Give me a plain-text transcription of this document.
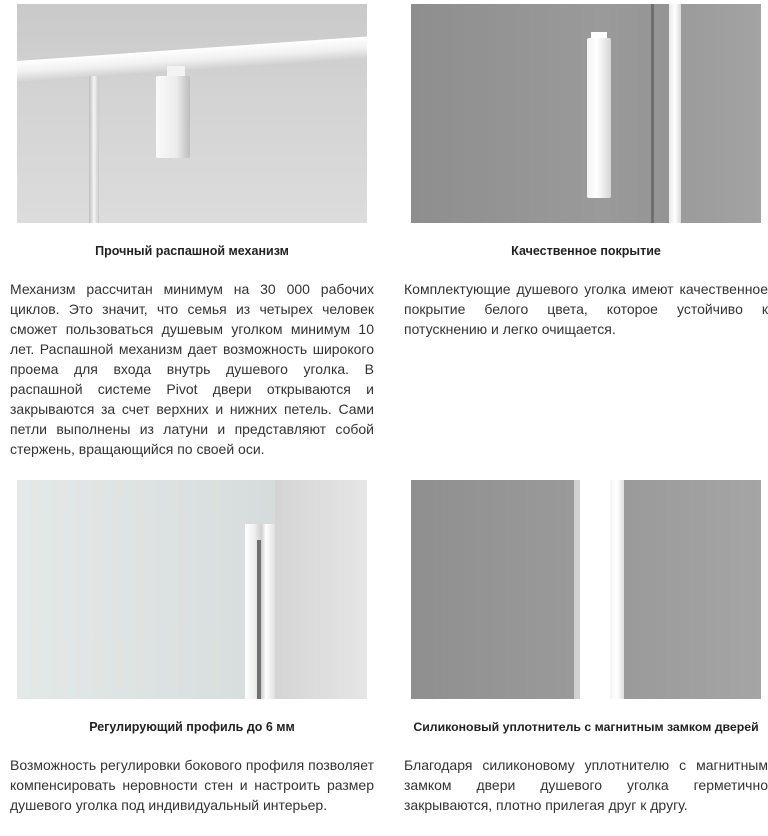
Прочный распашной механизм
Механизм рассчитан минимум на 30 000 рабочих циклов. Это значит, что семья из четырех человек сможет пользоваться душевым уголком минимум 10 лет. Распашной механизм дает возможность широкого проема для входа внутрь душевого уголка. В распашной системе Pivot двери открываются и закрываются за счет верхних и нижних петель. Сами петли выполнены из латуни и представляют собой стержень, вращающийся по своей оси.
Качественное покрытие
Комплектующие душевого уголка имеют качественное покрытие белого цвета, которое устойчиво к потускнению и легко очищается.
Регулирующий профиль до 6 мм
Возможность регулировки бокового профиля позволяет компенсировать неровности стен и настроить размер душевого уголка под индивидуальный интерьер.
Силиконовый уплотнитель с магнитным замком дверей
Благодаря силиконовому уплотнителю с магнитным замком двери душевого уголка герметично закрываются, плотно прилегая друг к другу.
